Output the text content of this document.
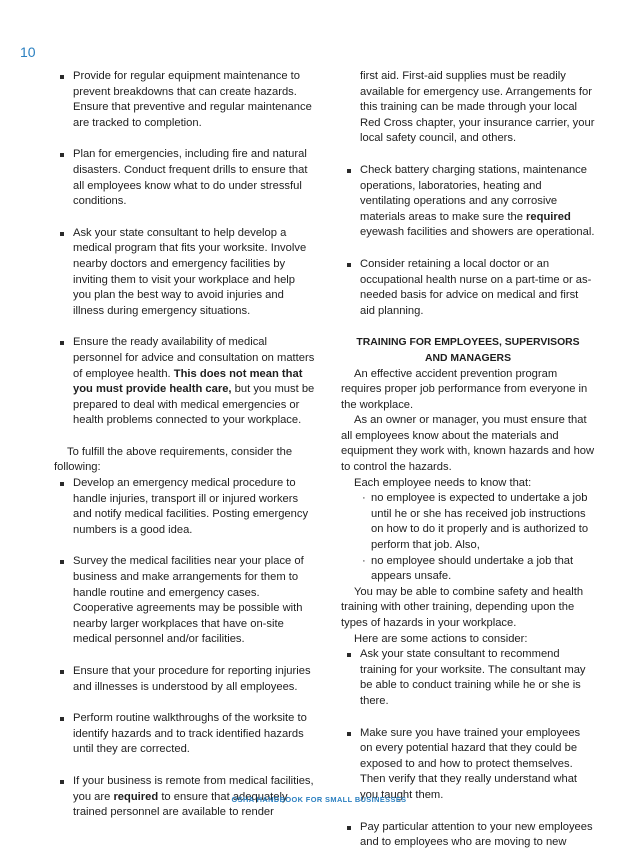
10
Provide for regular equipment maintenance to prevent breakdowns that can create hazards. Ensure that preventive and regular maintenance are tracked to completion.
Plan for emergencies, including fire and natural disasters. Conduct frequent drills to ensure that all employees know what to do under stressful conditions.
Ask your state consultant to help develop a medical program that fits your worksite. Involve nearby doctors and emergency facilities by inviting them to visit your workplace and help you plan the best way to avoid injuries and illness during emergency situations.
Ensure the ready availability of medical personnel for advice and consultation on matters of employee health. This does not mean that you must provide health care, but you must be prepared to deal with medical emergencies or health problems connected to your workplace.

To fulfill the above requirements, consider the following:

Develop an emergency medical procedure to handle injuries, transport ill or injured workers and notify medical facilities. Posting emergency numbers is a good idea.
Survey the medical facilities near your place of business and make arrangements for them to handle routine and emergency cases. Cooperative agreements may be possible with nearby larger workplaces that have on-site medical personnel and/or facilities.
Ensure that your procedure for reporting injuries and illnesses is understood by all employees.
Perform routine walkthroughs of the worksite to identify hazards and to track identified hazards until they are corrected.
If your business is remote from medical facilities, you are required to ensure that adequately trained personnel are available to render
first aid. First-aid supplies must be readily available for emergency use. Arrangements for this training can be made through your local Red Cross chapter, your insurance carrier, your local safety council, and others.
Check battery charging stations, maintenance operations, laboratories, heating and ventilating operations and any corrosive materials areas to make sure the required eyewash facilities and showers are operational.
Consider retaining a local doctor or an occupational health nurse on a part-time or as-needed basis for advice on medical and first aid planning.

TRAINING FOR EMPLOYEES, SUPERVISORS

AND MANAGERS

An effective accident prevention program requires proper job performance from everyone in the workplace.

As an owner or manager, you must ensure that all employees know about the materials and equipment they work with, known hazards and how to control the hazards.

Each employee needs to know that:

· no employee is expected to undertake a job until he or she has received job instructions on how to do it properly and is authorized to perform that job. Also,
· no employee should undertake a job that appears unsafe.

You may be able to combine safety and health training with other training, depending upon the types of hazards in your workplace.

Here are some actions to consider:

Ask your state consultant to recommend training for your worksite. The consultant may be able to conduct training while he or she is there.
Make sure you have trained your employees on every potential hazard that they could be exposed to and how to protect themselves. Then verify that they really understand what you taught them.
Pay particular attention to your new employees and to employees who are moving to new
OSHA HANDBOOK FOR SMALL BUSINESSES
